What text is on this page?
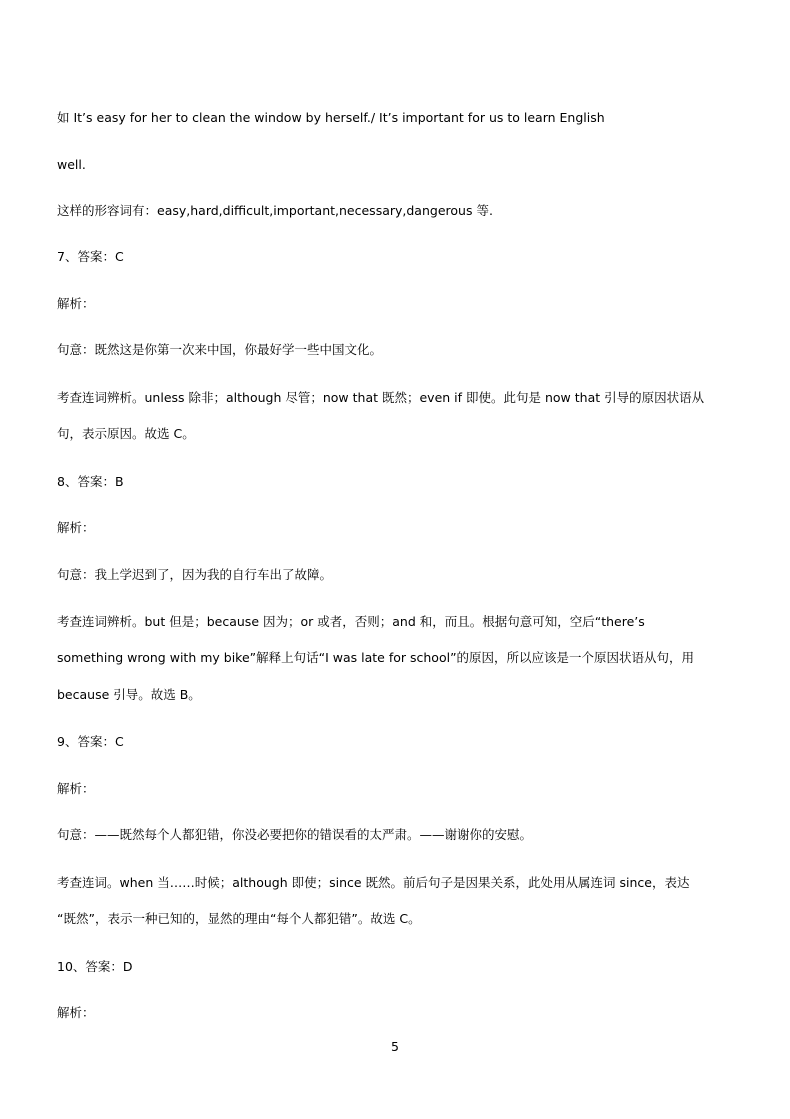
如 It’s easy for her to clean the window by herself./ It’s important for us to learn English
well.
这样的形容词有：easy,hard,difficult,important,necessary,dangerous 等.
7、答案：C
解析：
句意：既然这是你第一次来中国，你最好学一些中国文化。
考查连词辨析。unless 除非；although 尽管；now that 既然；even if 即使。此句是 now that 引导的原因状语从
句，表示原因。故选 C。
8、答案：B
解析：
句意：我上学迟到了，因为我的自行车出了故障。
考查连词辨析。but 但是；because 因为；or 或者，否则；and 和，而且。根据句意可知，空后“there’s
something wrong with my bike”解释上句话“I was late for school”的原因，所以应该是一个原因状语从句，用
because 引导。故选 B。
9、答案：C
解析：
句意：——既然每个人都犯错，你没必要把你的错误看的太严肃。——谢谢你的安慰。
考查连词。when 当……时候；although 即使；since 既然。前后句子是因果关系，此处用从属连词 since，表达
“既然”，表示一种已知的，显然的理由“每个人都犯错”。故选 C。
10、答案：D
解析：
5
